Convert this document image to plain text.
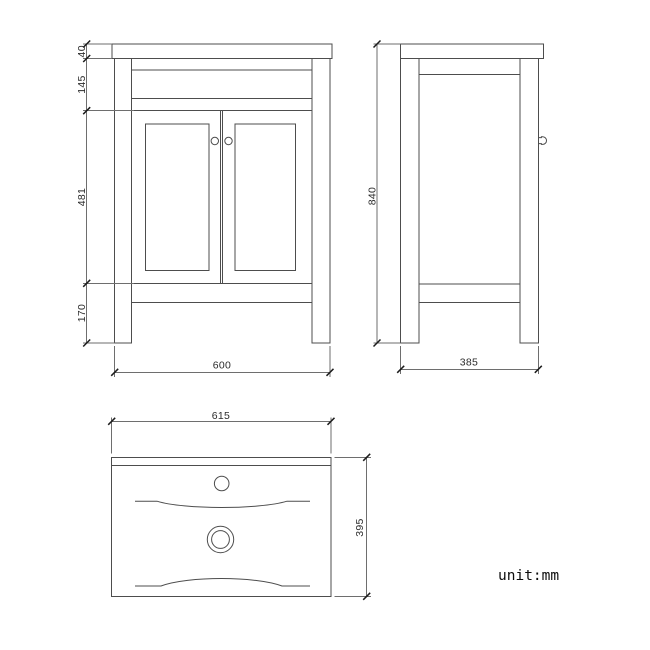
40
145
481
170
600
840
385
615
395
unit:mm
